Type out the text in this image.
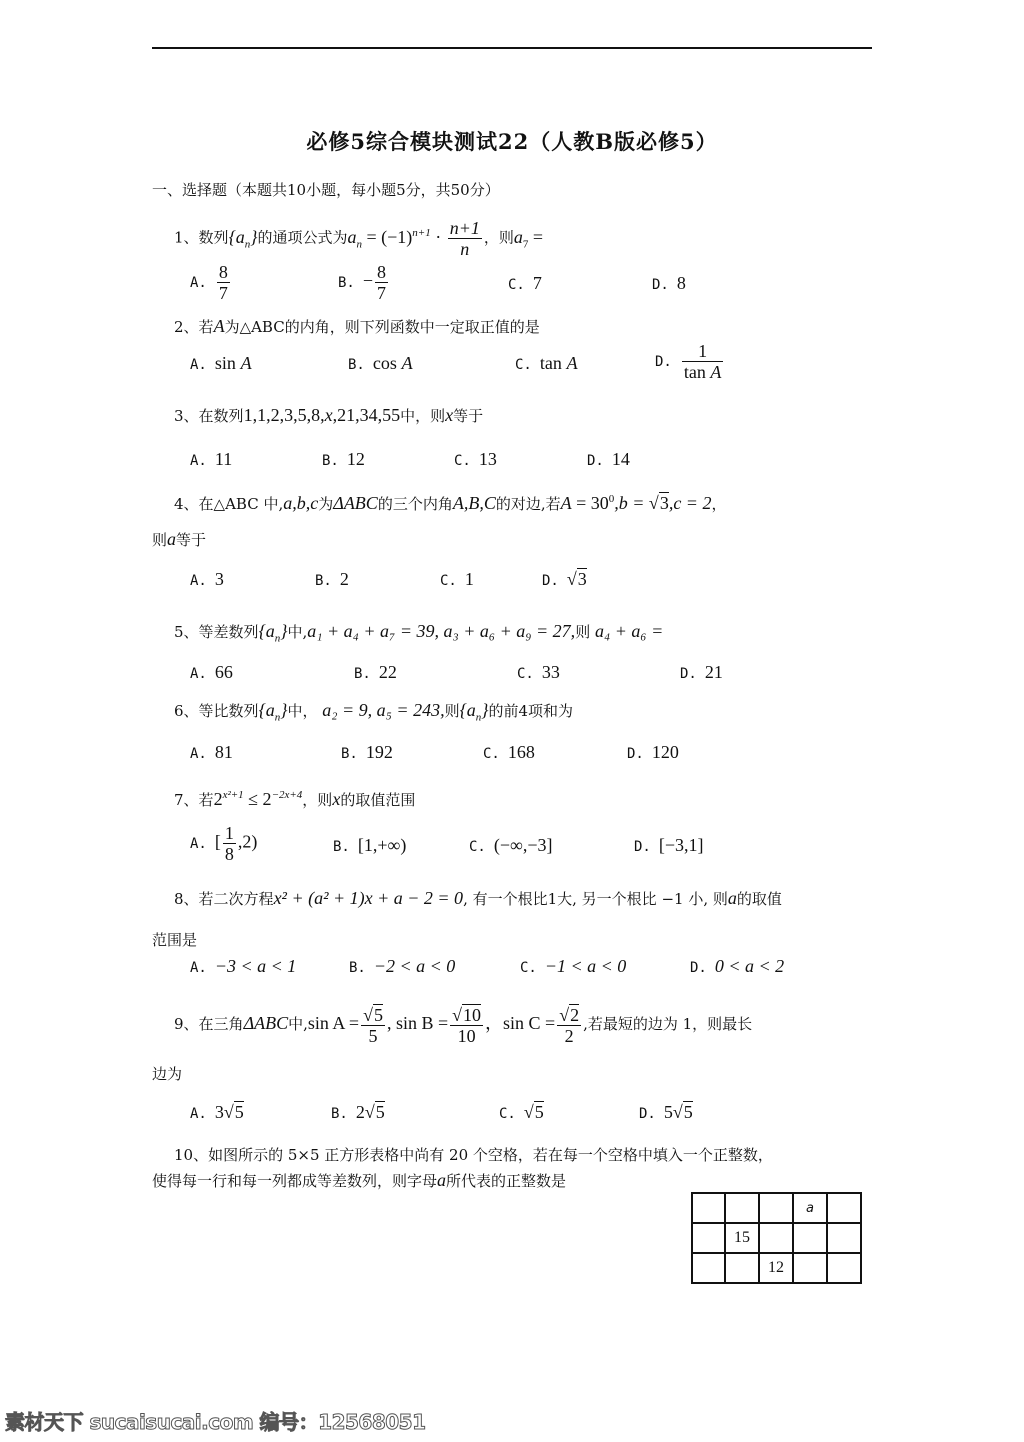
必修5综合模块测试22（人教B版必修5）
一、选择题（本题共10小题，每小题5分，共50分）
1、数列$\{a_n\}$的通项公式为$a_n = (-1)^{n+1} \cdot \frac{n+1}{n}$ ，则$a_7$ =
A. $\frac{8}{7}$	B. − $\frac{8}{7}$	C. 7	D. 8
2、若A为△ABC的内角，则下列函数中一定取正值的是
A. sin A	B. cos A	C. tan A	D. $\frac{1}{\text{tan A}}$
3、在数列1,1,2,3,5,8,x,21,34,55中，则x等于
A. 11	B. 12	C. 13	D. 14
4、在△ABC 中,a,b,c为ΔABC的三个内角A,B,C的对边,若$A = 30^0,b = √3,c = 2$，
则a等于
A. 3	B. 2	C. 1	D. √3
5、等差数列$\{a_n\}$中,a₁ + a₄ + a₇ = 39, a₃ + a₆ + a₉ = 27,则 a₄ + a₆ =
A. 66	B. 22	C. 33	D. 21
6、等比数列$\{a_n\}$中， a₂ = 9, a₅ = 243,则$\{a_n\}$的前4项和为
A. 81	B. 192	C. 168	D. 120
7、若$2^{x^2+1} \le 2^{-2x+4}$，则x的取值范围
A. [ $\frac{1}{8} ,2$)	B. [1,+∞)	C. (−∞,−3]	D. [−3,1]
8、若二次方程x² + (a² + 1)x + a − 2 = 0, 有一个根比1大, 另一个根比 −1 小, 则a的取值
范围是
A. −3 < a < 1	B. −2 < a < 0	C. −1 < a < 0	D. 0 < a < 2
9、在三角ΔABC中,sin $A = \frac{√5}{5}$ , $\sin B = \frac{√10}{10}$ ，$\sin C = \frac{√2}{2}$ ,若最短的边为 1，则最长
边为
A. 3√5	B. 2√5	C. √5	D. 5√5
10、如图所示的 5×5 正方形表格中尚有 20 个空格，若在每一个空格中填入一个正整数，
使得每一行和每一列都成等差数列，则字母a所代表的正整数是
			a	
	15			
		12		
素材天下 sucaisucai.com 编号：12568051
